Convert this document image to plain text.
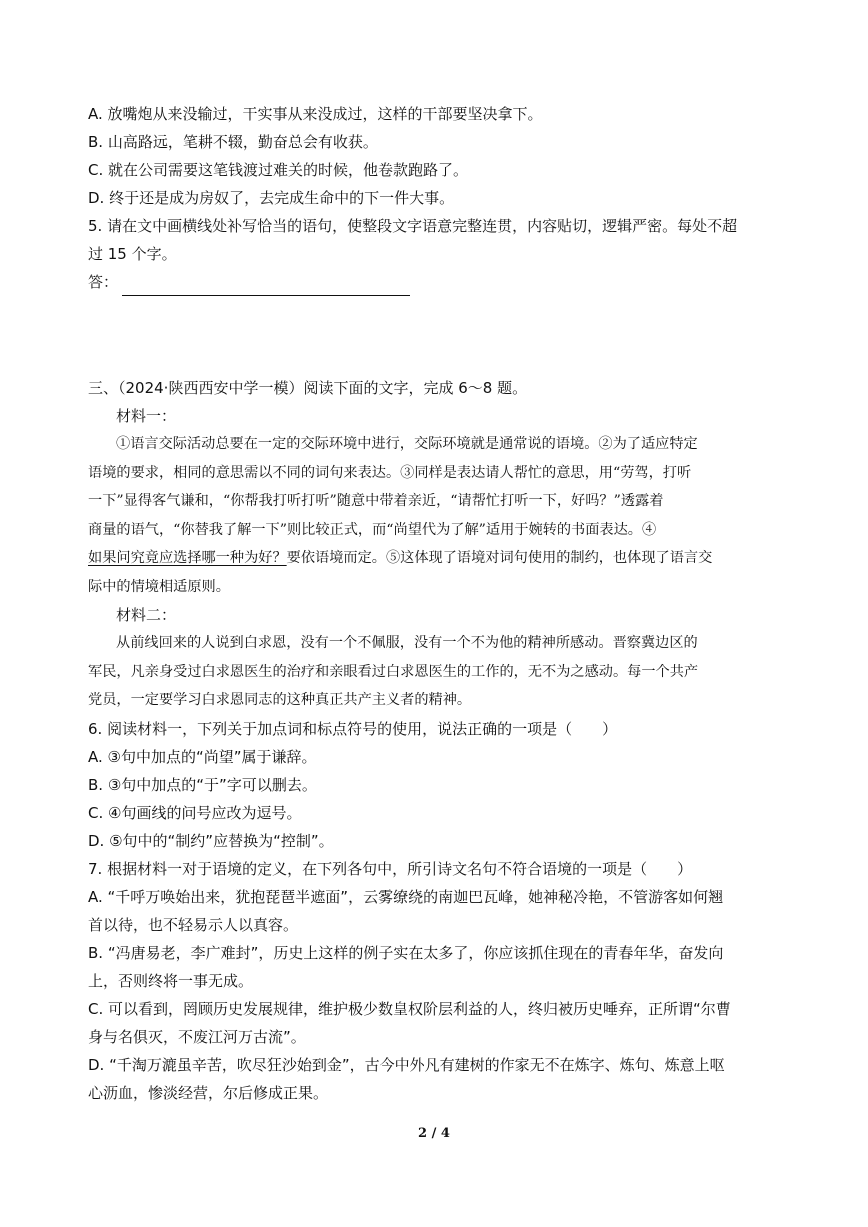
A. 放嘴炮从来没输过，干实事从来没成过，这样的干部要坚决拿下。
B. 山高路远，笔耕不辍，勤奋总会有收获。
C. 就在公司需要这笔钱渡过难关的时候，他卷款跑路了。
D. 终于还是成为房奴了，去完成生命中的下一件大事。
5. 请在文中画横线处补写恰当的语句，使整段文字语意完整连贯，内容贴切，逻辑严密。每处不超
过 15 个字。
答：
三、（2024·陕西西安中学一模）阅读下面的文字，完成 6～8 题。
材料一：
①语言交际活动总要在一定的交际环境中进行，交际环境就是通常说的语境。②为了适应特定
语境的要求，相同的意思需以不同的词句来表达。③同样是表达请人帮忙的意思，用“劳驾，打听
一下”显得客气谦和，“你帮我打听打听”随意中带着亲近，“请帮忙打听一下，好吗？”透露着
商量的语气，“你替我了解一下”则比较正式，而“尚望代为了解”适用于婉转的书面表达。④
如果问究竟应选择哪一种为好？要依语境而定。⑤这体现了语境对词句使用的制约，也体现了语言交
际中的情境相适原则。
材料二：
从前线回来的人说到白求恩，没有一个不佩服，没有一个不为他的精神所感动。晋察冀边区的
军民，凡亲身受过白求恩医生的治疗和亲眼看过白求恩医生的工作的，无不为之感动。每一个共产
党员，一定要学习白求恩同志的这种真正共产主义者的精神。
6. 阅读材料一，下列关于加点词和标点符号的使用，说法正确的一项是（　　）
A. ③句中加点的“尚望”属于谦辞。
B. ③句中加点的“于”字可以删去。
C. ④句画线的问号应改为逗号。
D. ⑤句中的“制约”应替换为“控制”。
7. 根据材料一对于语境的定义，在下列各句中，所引诗文名句不符合语境的一项是（　　）
A. “千呼万唤始出来，犹抱琵琶半遮面”，云雾缭绕的南迦巴瓦峰，她神秘冷艳，不管游客如何翘
首以待，也不轻易示人以真容。
B. “冯唐易老，李广难封”，历史上这样的例子实在太多了，你应该抓住现在的青春年华，奋发向
上，否则终将一事无成。
C. 可以看到，罔顾历史发展规律，维护极少数皇权阶层利益的人，终归被历史唾弃，正所谓“尔曹
身与名俱灭，不废江河万古流”。
D. “千淘万漉虽辛苦，吹尽狂沙始到金”，古今中外凡有建树的作家无不在炼字、炼句、炼意上呕
心沥血，惨淡经营，尔后修成正果。
2 / 4
